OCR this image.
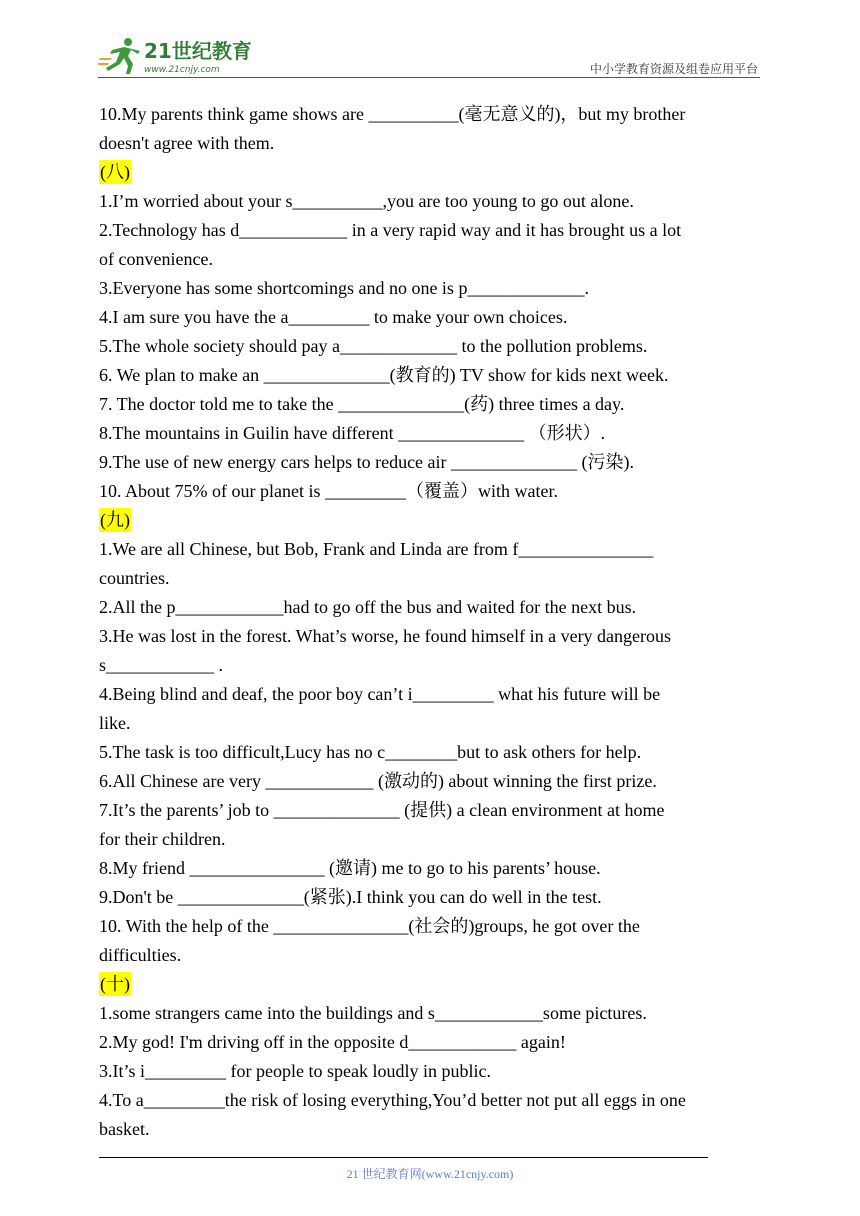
21世纪教育
www.21cnjy.com	中小学教育资源及组卷应用平台
10.My parents think game shows are __________(毫无意义的)，but my brother
doesn't agree with them.
(八)
1.I’m worried about your s__________,you are too young to go out alone.
2.Technology has d____________ in a very rapid way and it has brought us a lot
of convenience.
3.Everyone has some shortcomings and no one is p_____________.
4.I am sure you have the a_________ to make your own choices.
5.The whole society should pay a_____________ to the pollution problems.
6. We plan to make an ______________(教育的) TV show for kids next week.
7. The doctor told me to take the ______________(药) three times a day.
8.The mountains in Guilin have different ______________ （形状）.
9.The use of new energy cars helps to reduce air ______________ (污染).
10. About 75% of our planet is _________（覆盖）with water.
(九)
1.We are all Chinese, but Bob, Frank and Linda are from f_______________
countries.
2.All the p____________had to go off the bus and waited for the next bus.
3.He was lost in the forest. What’s worse, he found himself in a very dangerous
s____________ .
4.Being blind and deaf, the poor boy can’t i_________ what his future will be
like.
5.The task is too difficult,Lucy has no c________but to ask others for help.
6.All Chinese are very ____________ (激动的) about winning the first prize.
7.It’s the parents’ job to ______________ (提供) a clean environment at home
for their children.
8.My friend _______________ (邀请) me to go to his parents’ house.
9.Don't be ______________(紧张).I think you can do well in the test.
10. With the help of the _______________(社会的)groups, he got over the
difficulties.
(十)
1.some strangers came into the buildings and s____________some pictures.
2.My god! I'm driving off in the opposite d____________ again!
3.It’s i_________ for people to speak loudly in public.
4.To a_________the risk of losing everything,You’d better not put all eggs in one
basket.
21 世纪教育网(www.21cnjy.com)
